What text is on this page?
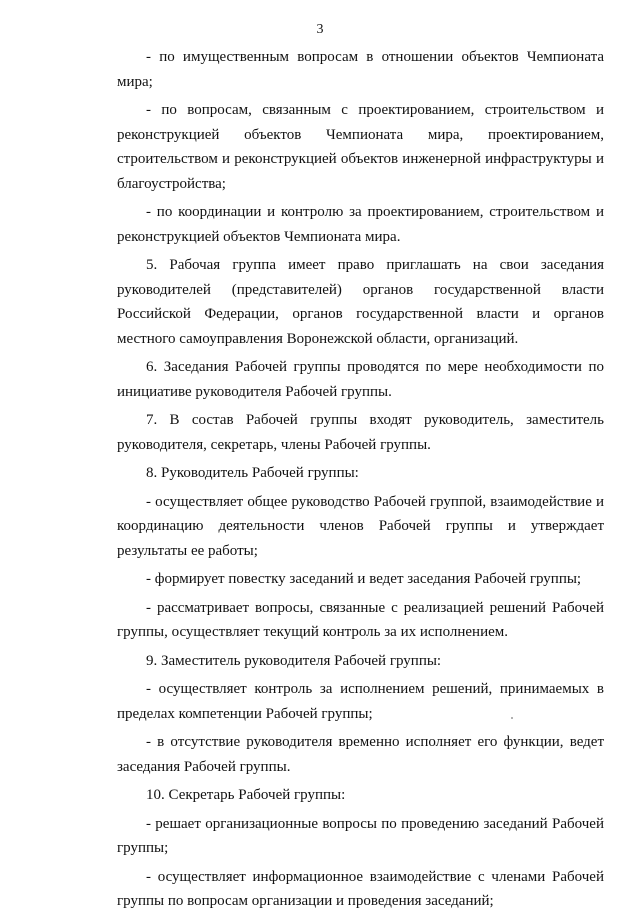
3

- по имущественным вопросам в отношении объектов Чемпионата мира;

- по вопросам, связанным с проектированием, строительством и реконструкцией объектов Чемпионата мира, проектированием, строительством и реконструкцией объектов инженерной инфраструктуры и благоустройства;

- по координации и контролю за проектированием, строительством и реконструкцией объектов Чемпионата мира.

5. Рабочая группа имеет право приглашать на свои заседания руководителей (представителей) органов государственной власти Российской Федерации, органов государственной власти и органов местного самоуправления Воронежской области, организаций.

6. Заседания Рабочей группы проводятся по мере необходимости по инициативе руководителя Рабочей группы.

7. В состав Рабочей группы входят руководитель, заместитель руководителя, секретарь, члены Рабочей группы.

8. Руководитель Рабочей группы:

- осуществляет общее руководство Рабочей группой, взаимодействие и координацию деятельности членов Рабочей группы и утверждает результаты ее работы;

- формирует повестку заседаний и ведет заседания Рабочей группы;

- рассматривает вопросы, связанные с реализацией решений Рабочей группы, осуществляет текущий контроль за их исполнением.

9. Заместитель руководителя Рабочей группы:

- осуществляет контроль за исполнением решений, принимаемых в пределах компетенции Рабочей группы;

- в отсутствие руководителя временно исполняет его функции, ведет заседания Рабочей группы.

10. Секретарь Рабочей группы:

- решает организационные вопросы по проведению заседаний Рабочей группы;

- осуществляет информационное взаимодействие с членами Рабочей группы по вопросам организации и проведения заседаний;
